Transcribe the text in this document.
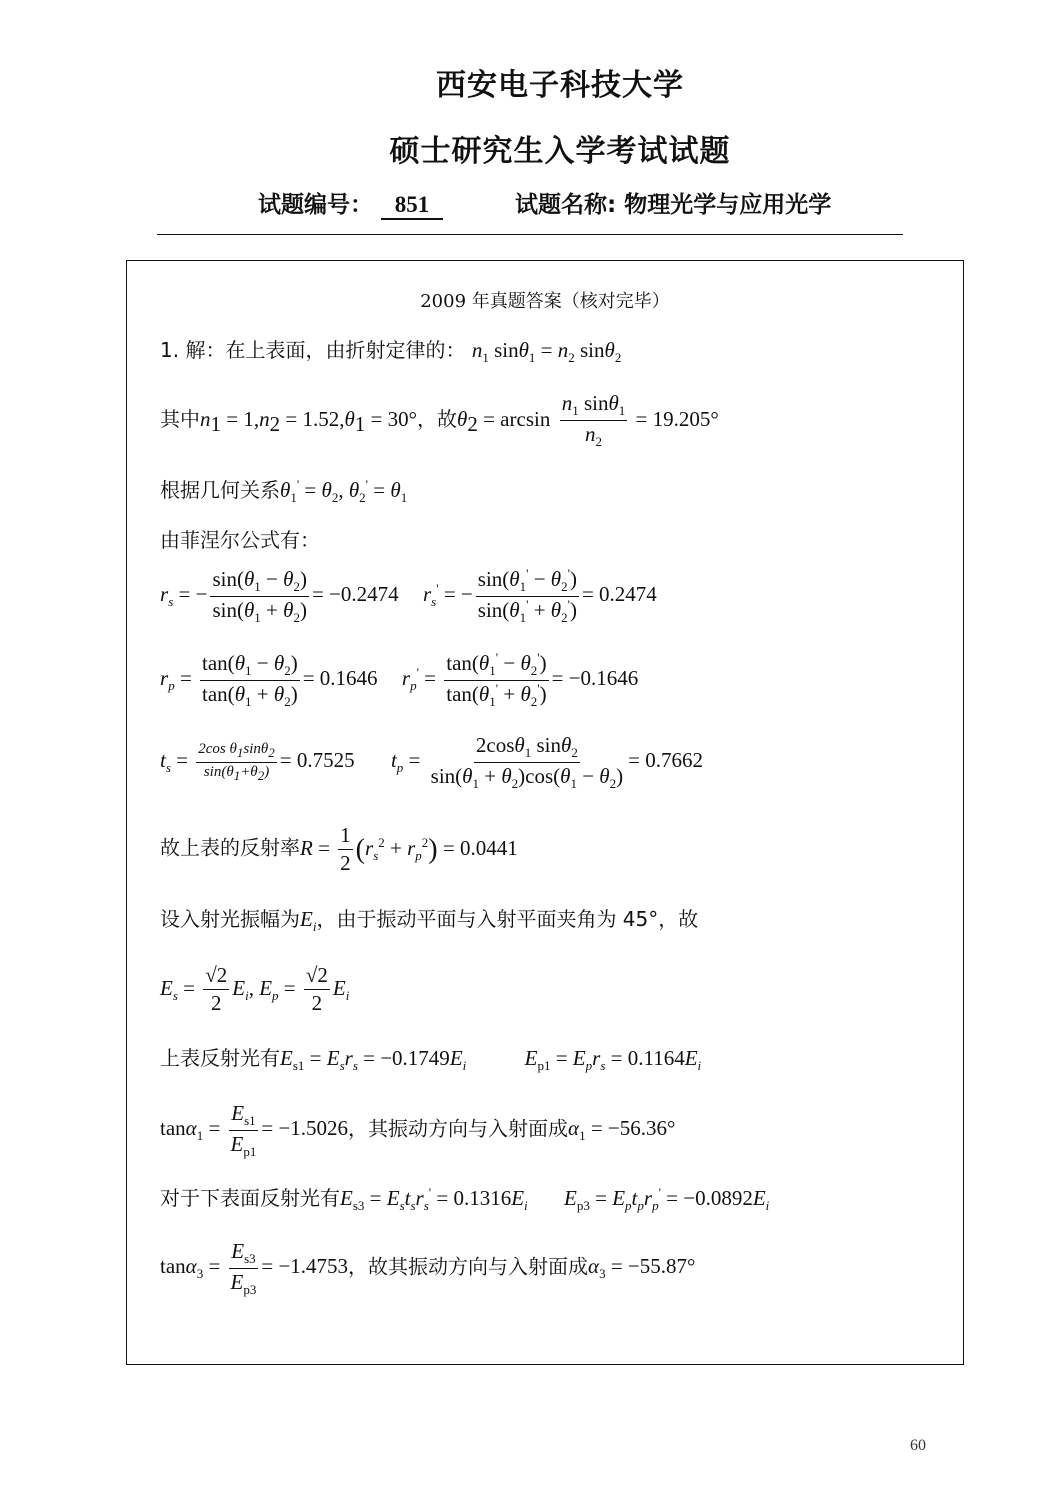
西安电子科技大学
硕士研究生入学考试试题
试题编号： 851	试题名称: 物理光学与应用光学
2009 年真题答案（核对完毕）
1. 解：在上表面，由折射定律的： $n_1$ $\sin\theta_1 = n_2$ sinθ$_2$
其中$n_1 = 1,n_2 = 1.52,\theta_1 = 30^\circ$，故$\theta_2 = \arcsin \frac{n_1 \sin\theta_1}{n_2} = 19.205^\circ$
根据几何关系$\theta_1' = \theta_2$, $\theta_2' = \theta_1$
由菲涅尔公式有：
$r_s$ = − $\frac{\sin(\theta_1 - \theta_2)}{\sin(\theta_1 + \theta_2)} = -0.2474$ $r_s'$ = − $\frac{\sin(\theta_1' - \theta_2')}{\sin(\theta_1' + \theta_2')} = 0.2474$
$r_p = \frac{\tan(\theta_1 - \theta_2)}{\tan(\theta_1 + \theta_2)} = 0.1646$ $r_p' = \frac{\tan(\theta_1' - \theta_2')}{\tan(\theta_1' + \theta_2')} = -0.1646$
$t_s = \frac{2\cos \theta_1\sin\theta_2}{\sin(\theta_1+\theta_2)} = 0.7525$ $t_p = \frac{2\cos\theta_1 \sin\theta_2}{\sin(\theta_1 + \theta_2)\cos(\theta_1 - \theta_2)} = 0.7662$
故上表的反射率$R = \frac{1}{2} (r_s^2 + r_p^2) = 0.0441$
设入射光振幅为$E_i$，由于振动平面与入射平面夹角为 45°，故
$E_s = \frac{√2}{2} E_i$, $E_p = \frac{√2}{2} E_i$
上表反射光有$E_{s1} = E_sr_s = -0.1749E_i$	$E_{p1} = E_pr_s = 0.1164E_i$
$\tan\alpha_1 = \frac{E_{s1}}{E_{p1}} = -1.5026$，其振动方向与入射面成$\alpha_1 = -56.36^\circ$
对于下表面反射光有$E_{s3} = E_st_sr_s' = 0.1316E_i$ $E_{p3} = E_pt_pr_p' = -0.0892E_i$
$\tan\alpha_3 = \frac{E_{s3}}{E_{p3}} = -1.4753$，故其振动方向与入射面成$\alpha_3 = -55.87^\circ$
60
